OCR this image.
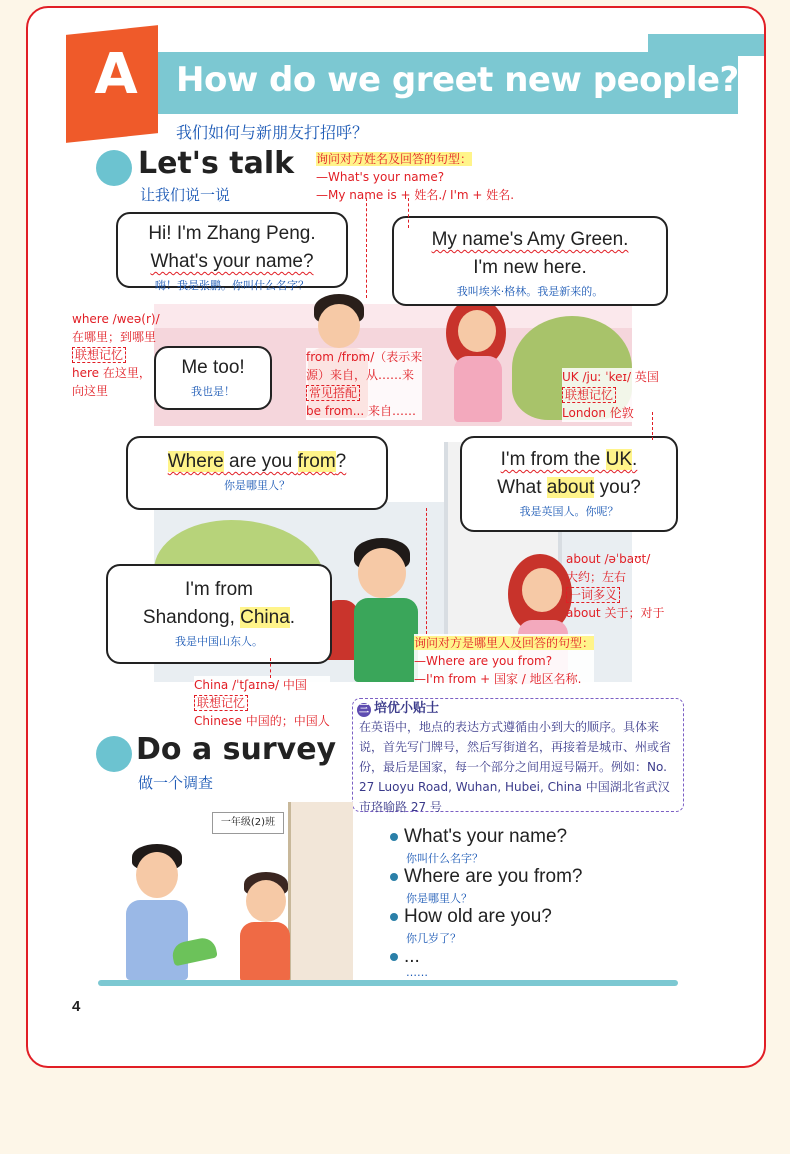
A How do we greet new people?
我们如何与新朋友打招呼？
Let's talk
让我们说一说
询问对方姓名及回答的句型：
—What's your name?
—My name is + 姓名./ I'm + 姓名.
Hi! I'm Zhang Peng.
What's your name?
嗨！我是张鹏。你叫什么名字？
My name's Amy Green.
I'm new here.
我叫埃米·格林。我是新来的。
Me too!
我也是！
Where are you from?
你是哪里人？
I'm from the UK.
What about you?
我是英国人。你呢？
I'm from
Shandong, China.
我是中国山东人。
where /weə(r)/
在哪里；到哪里
联想记忆
here 在这里，
向这里
from /frɒm/（表示来
源）来自，从……来
常见搭配
be from... 来自……
UK /juː ˈkeɪ/ 英国
联想记忆
London 伦敦
about /əˈbaʊt/
大约；左右
一词多义
about 关于；对于
询问对方是哪里人及回答的句型：
—Where are you from?
—I'm from + 国家 / 地区名称.
China /ˈtʃaɪnə/ 中国
联想记忆
Chinese 中国的；中国人
三 培优小贴士
在英语中，地点的表达方式遵循由小到大的顺序。具体来说，首先写门牌号，然后写街道名，再接着是城市、州或省份，最后是国家，每一个部分之间用逗号隔开。例如：No. 27 Luoyu Road, Wuhan, Hubei, China 中国湖北省武汉市珞喻路 27 号
Do a survey
做一个调查
一年级(2)班
What's your name?
你叫什么名字？
Where are you from?
你是哪里人？
How old are you?
你几岁了？
...
……
4
